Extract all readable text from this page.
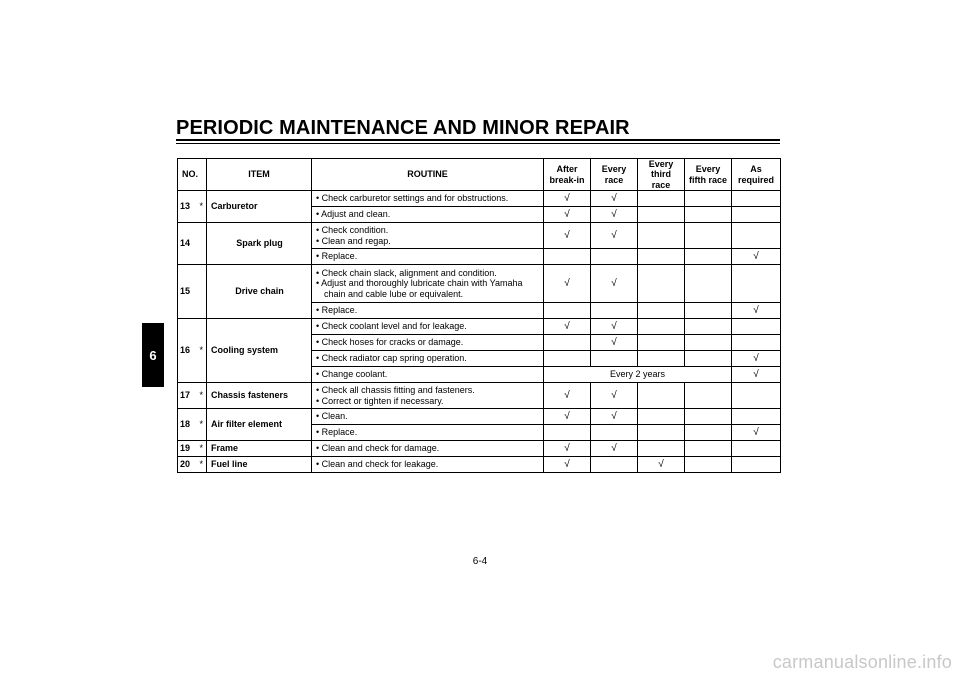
PERIODIC MAINTENANCE AND MINOR REPAIR
6
NO.		ITEM	ROUTINE	After break-in	Every race	Every third race	Every fifth race	As required
13	*	Carburetor	• Check carburetor settings and for obstructions.	√	√			
			• Adjust and clean.	√	√			
14		Spark plug	• Check condition.
• Clean and regap.	√	√			
			• Replace.					√
15		Drive chain	• Check chain slack, alignment and condition.
• Adjust and thoroughly lubricate chain with Yamaha
chain and cable lube or equivalent.	√	√			
			• Replace.					√
16	*	Cooling system	• Check coolant level and for leakage.	√	√			
			• Check hoses for cracks or damage.		√			
			• Check radiator cap spring operation.					√
			• Change coolant.	Every 2 years				√
17	*	Chassis fasteners	• Check all chassis fitting and fasteners.
• Correct or tighten if necessary.	√	√			
18	*	Air filter element	• Clean.	√	√			
			• Replace.					√
19	*	Frame	• Clean and check for damage.	√	√			
20	*	Fuel line	• Clean and check for leakage.	√		√		
6-4
carmanualsonline.info
